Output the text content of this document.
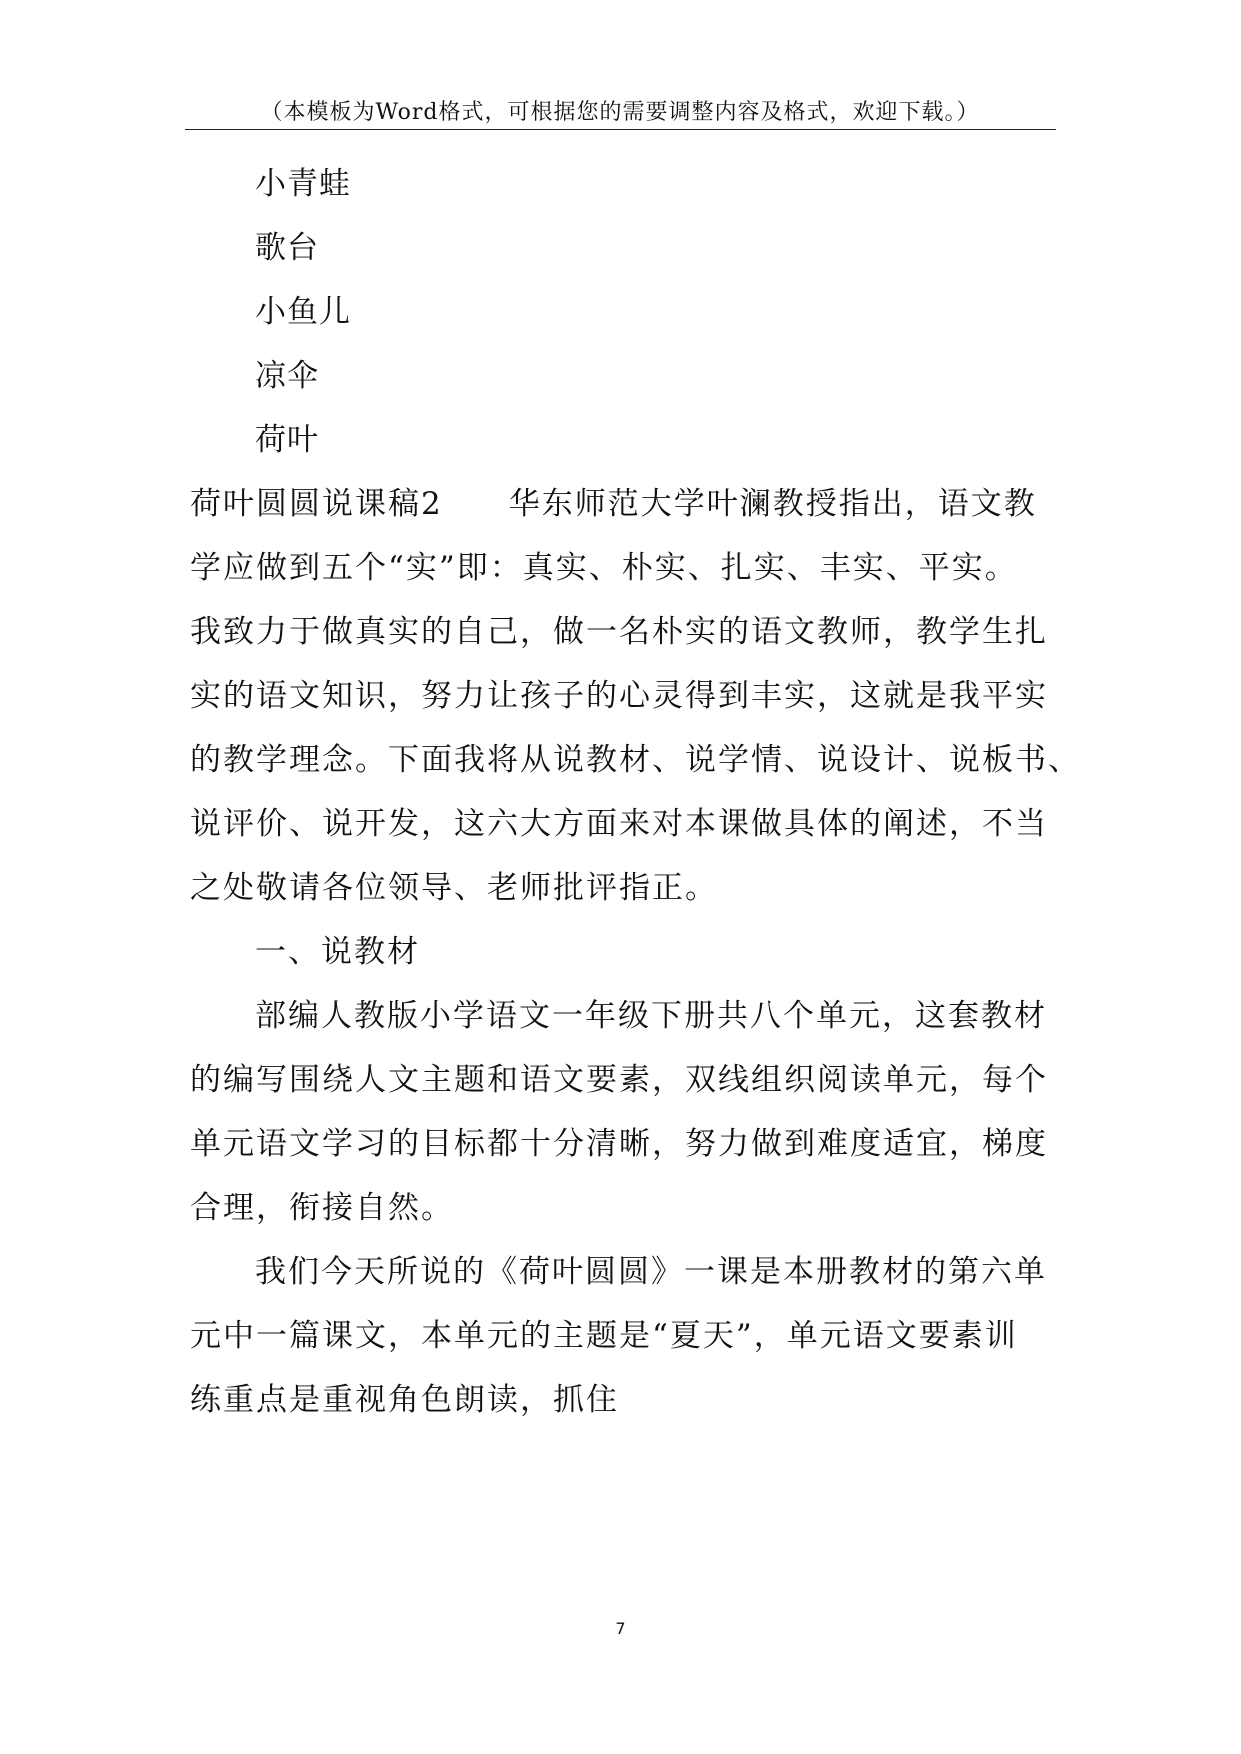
（本模板为Word格式，可根据您的需要调整内容及格式，欢迎下载。）
小青蛙
歌台
小鱼儿
凉伞
荷叶
荷叶圆圆说课稿2　　华东师范大学叶澜教授指出，语文教
学应做到五个“实”即：真实、朴实、扎实、丰实、平实。
我致力于做真实的自己，做一名朴实的语文教师，教学生扎
实的语文知识，努力让孩子的心灵得到丰实，这就是我平实
的教学理念。下面我将从说教材、说学情、说设计、说板书、
说评价、说开发，这六大方面来对本课做具体的阐述，不当
之处敬请各位领导、老师批评指正。
一、说教材
部编人教版小学语文一年级下册共八个单元，这套教材
的编写围绕人文主题和语文要素，双线组织阅读单元，每个
单元语文学习的目标都十分清晰，努力做到难度适宜，梯度
合理，衔接自然。
我们今天所说的《荷叶圆圆》一课是本册教材的第六单
元中一篇课文，本单元的主题是“夏天”，单元语文要素训
练重点是重视角色朗读，抓住
7
